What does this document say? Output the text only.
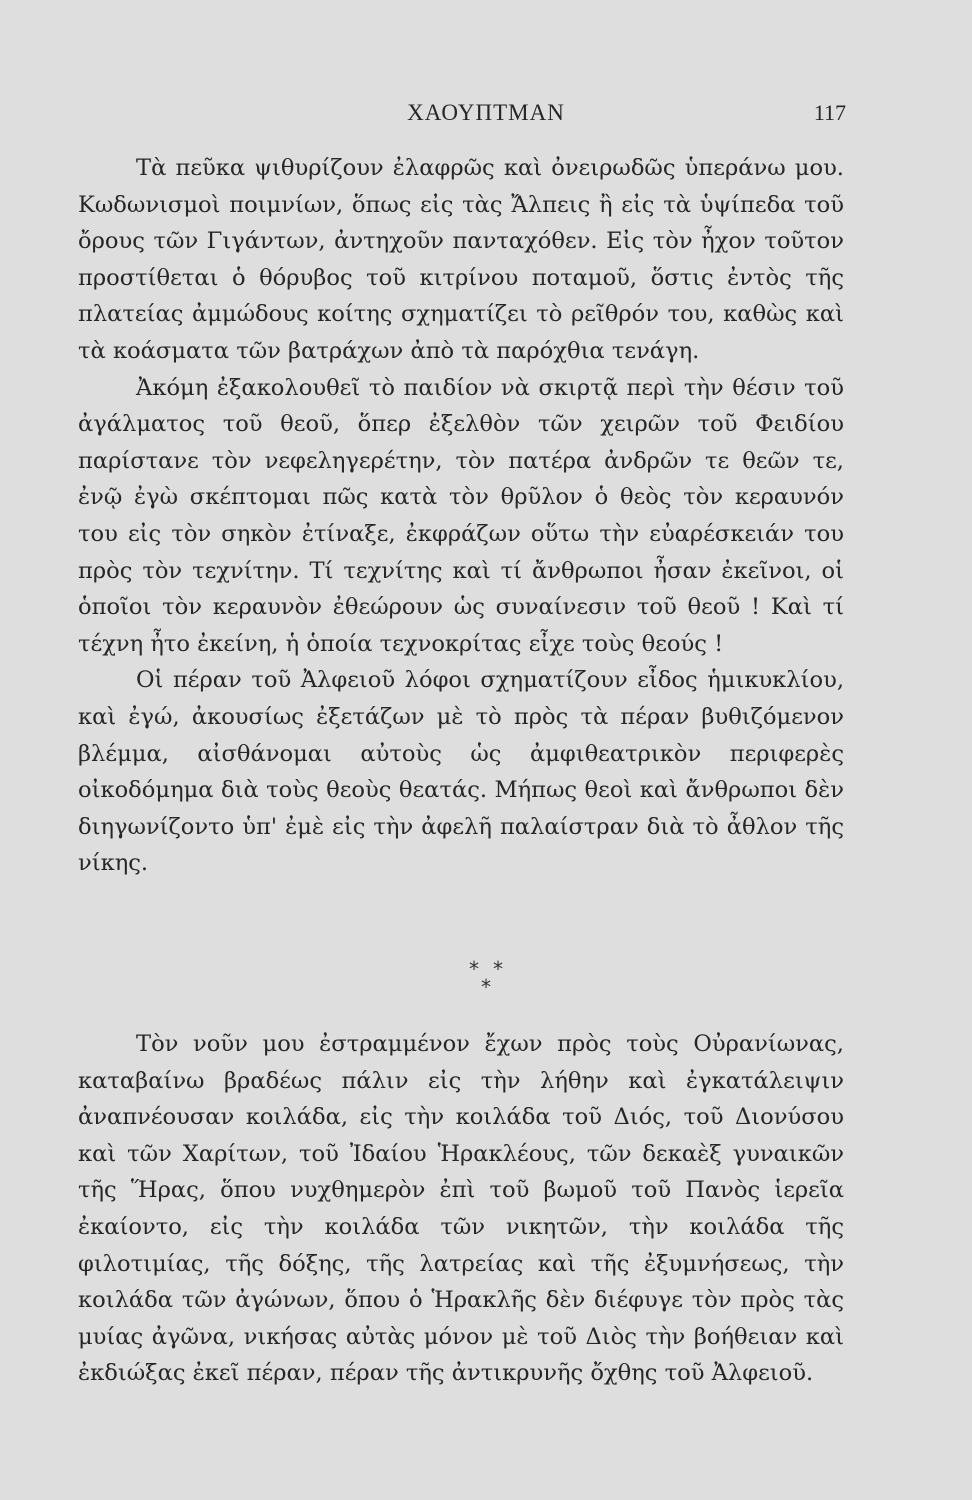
ΧΑΟΥΠΤΜΑΝ	117

Τὰ πεῦκα ψιθυρίζουν ἐλαφρῶς καὶ ὀνειρωδῶς ὑπεράνω μου. Κωδωνισμοὶ ποιμνίων, ὅπως εἰς τὰς Ἄλπεις ἢ εἰς τὰ ὑψίπεδα τοῦ ὄρους τῶν Γιγάντων, ἀντηχοῦν πανταχόθεν. Εἰς τὸν ἦχον τοῦτον προστίθεται ὁ θόρυβος τοῦ κιτρίνου ποταμοῦ, ὅστις ἐντὸς τῆς πλατείας ἀμμώδους κοίτης σχηματίζει τὸ ρεῖθρόν του, καθὼς καὶ τὰ κοάσματα τῶν βατράχων ἀπὸ τὰ παρόχθια τενάγη.

Ἀκόμη ἐξακολουθεῖ τὸ παιδίον νὰ σκιρτᾷ περὶ τὴν θέσιν τοῦ ἀγάλματος τοῦ θεοῦ, ὅπερ ἐξελθὸν τῶν χειρῶν τοῦ Φειδίου παρίστανε τὸν νεφεληγερέτην, τὸν πατέρα ἀνδρῶν τε θεῶν τε, ἐνῷ ἐγὼ σκέπτομαι πῶς κατὰ τὸν θρῦλον ὁ θεὸς τὸν κεραυνόν του εἰς τὸν σηκὸν ἐτίναξε, ἐκφράζων οὕτω τὴν εὐαρέσκειάν του πρὸς τὸν τεχνίτην. Τί τεχνίτης καὶ τί ἄνθρωποι ἦσαν ἐκεῖνοι, οἱ ὁποῖοι τὸν κεραυνὸν ἐθεώρουν ὡς συναίνεσιν τοῦ θεοῦ ! Καὶ τί τέχνη ἦτο ἐκείνη, ἡ ὁποία τεχνοκρίτας εἶχε τοὺς θεούς !

Οἱ πέραν τοῦ Ἀλφειοῦ λόφοι σχηματίζουν εἶδος ἡμικυκλίου, καὶ ἐγώ, ἀκουσίως ἐξετάζων μὲ τὸ πρὸς τὰ πέραν βυθιζόμενον βλέμμα, αἰσθάνομαι αὐτοὺς ὡς ἀμφιθεατρικὸν περιφερὲς οἰκοδόμημα διὰ τοὺς θεοὺς θεατάς. Μήπως θεοὶ καὶ ἄνθρωποι δὲν διηγωνίζοντο ὑπ' ἐμὲ εἰς τὴν ἀφελῆ παλαίστραν διὰ τὸ ἆθλον τῆς νίκης.

* *
*

Τὸν νοῦν μου ἐστραμμένον ἔχων πρὸς τοὺς Οὐρανίωνας, καταβαίνω βραδέως πάλιν εἰς τὴν λήθην καὶ ἐγκατάλειψιν ἀναπνέουσαν κοιλάδα, εἰς τὴν κοιλάδα τοῦ Διός, τοῦ Διονύσου καὶ τῶν Χαρίτων, τοῦ Ἰδαίου Ἡρακλέους, τῶν δεκαὲξ γυναικῶν τῆς Ἥρας, ὅπου νυχθημερὸν ἐπὶ τοῦ βωμοῦ τοῦ Πανὸς ἱερεῖα ἐκαίοντο, εἰς τὴν κοιλάδα τῶν νικητῶν, τὴν κοιλάδα τῆς φιλοτιμίας, τῆς δόξης, τῆς λατρείας καὶ τῆς ἐξυμνήσεως, τὴν κοιλάδα τῶν ἀγώνων, ὅπου ὁ Ἡρακλῆς δὲν διέφυγε τὸν πρὸς τὰς μυίας ἀγῶνα, νικήσας αὐτὰς μόνον μὲ τοῦ Διὸς τὴν βοήθειαν καὶ ἐκδιώξας ἐκεῖ πέραν, πέραν τῆς ἀντικρυνῆς ὄχθης τοῦ Ἀλφειοῦ.
